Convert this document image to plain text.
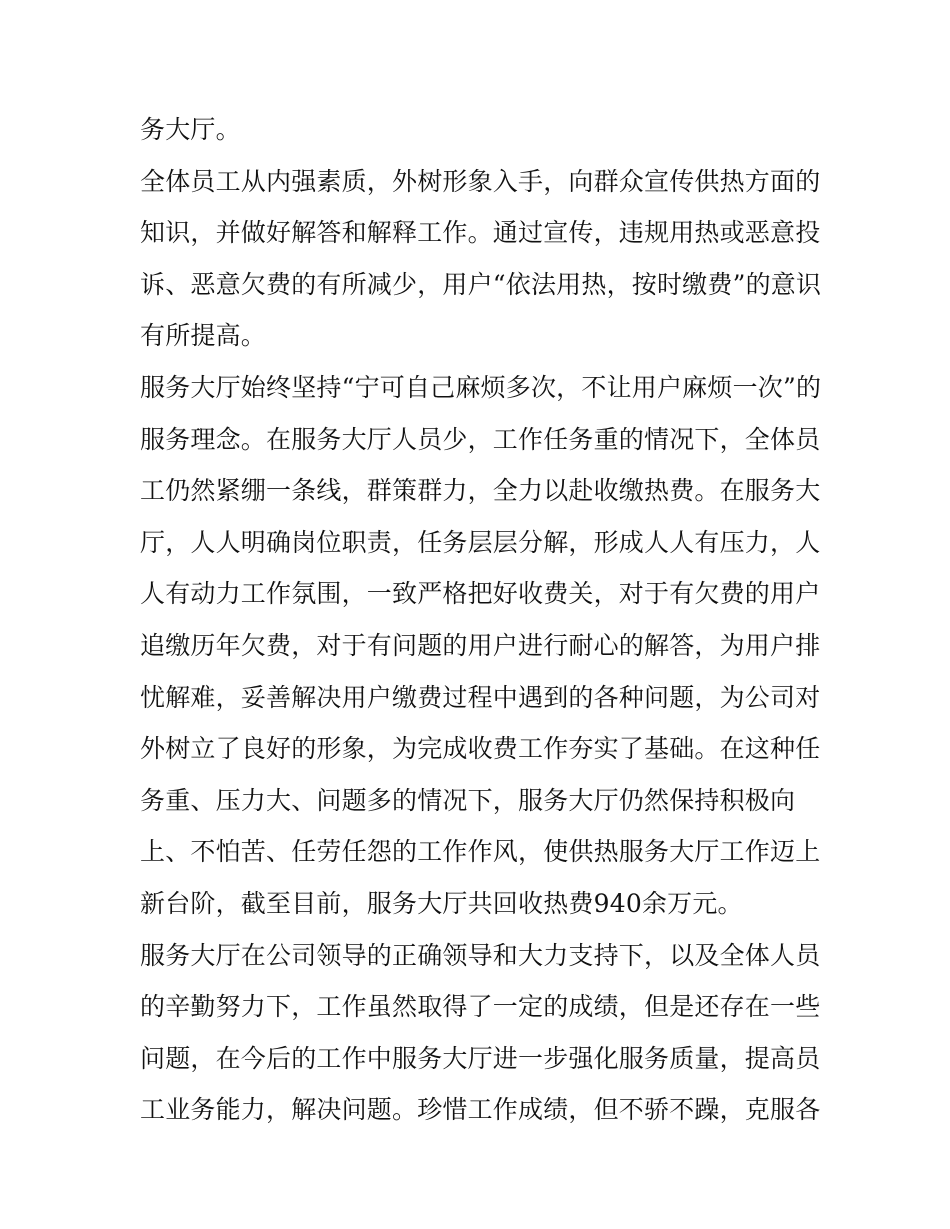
务大厅。
全体员工从内强素质，外树形象入手，向群众宣传供热方面的
知识，并做好解答和解释工作。通过宣传，违规用热或恶意投
诉、恶意欠费的有所减少，用户“依法用热，按时缴费”的意识
有所提高。
服务大厅始终坚持“宁可自己麻烦多次，不让用户麻烦一次”的
服务理念。在服务大厅人员少，工作任务重的情况下，全体员
工仍然紧绷一条线，群策群力，全力以赴收缴热费。在服务大
厅，人人明确岗位职责，任务层层分解，形成人人有压力，人
人有动力工作氛围，一致严格把好收费关，对于有欠费的用户
追缴历年欠费，对于有问题的用户进行耐心的解答，为用户排
忧解难，妥善解决用户缴费过程中遇到的各种问题，为公司对
外树立了良好的形象，为完成收费工作夯实了基础。在这种任
务重、压力大、问题多的情况下，服务大厅仍然保持积极向
上、不怕苦、任劳任怨的工作作风，使供热服务大厅工作迈上
新台阶，截至目前，服务大厅共回收热费940余万元。
服务大厅在公司领导的正确领导和大力支持下，以及全体人员
的辛勤努力下，工作虽然取得了一定的成绩，但是还存在一些
问题，在今后的工作中服务大厅进一步强化服务质量，提高员
工业务能力，解决问题。珍惜工作成绩，但不骄不躁，克服各
